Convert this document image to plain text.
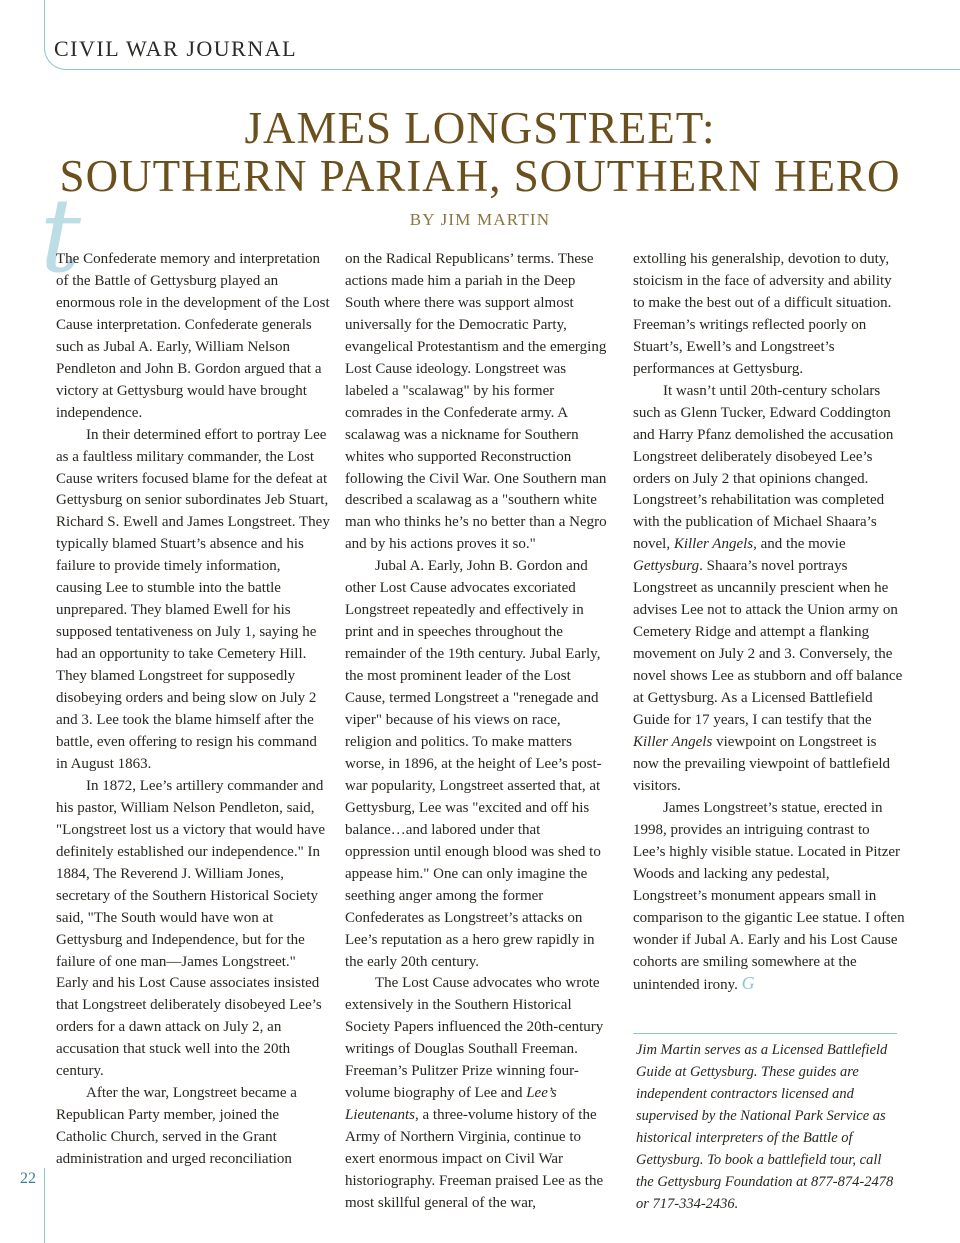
CIVIL WAR JOURNAL
JAMES LONGSTREET:
SOUTHERN PARIAH, SOUTHERN HERO
BY JIM MARTIN
t

The Confederate memory and interpretation of the Battle of Gettysburg played an enormous role in the development of the Lost Cause interpretation. Confederate generals such as Jubal A. Early, William Nelson Pendleton and John B. Gordon argued that a victory at Gettysburg would have brought independence.

In their determined effort to portray Lee as a faultless military commander, the Lost Cause writers focused blame for the defeat at Gettysburg on senior subordinates Jeb Stuart, Richard S. Ewell and James Longstreet. They typically blamed Stuart’s absence and his failure to provide timely information, causing Lee to stumble into the battle unprepared. They blamed Ewell for his supposed tentativeness on July 1, saying he had an opportunity to take Cemetery Hill. They blamed Longstreet for supposedly disobeying orders and being slow on July 2 and 3. Lee took the blame himself after the battle, even offering to resign his command in August 1863.

In 1872, Lee’s artillery commander and his pastor, William Nelson Pendleton, said, "Longstreet lost us a victory that would have definitely established our independence." In 1884, The Reverend J. William Jones, secretary of the Southern Historical Society said, "The South would have won at Gettysburg and Independence, but for the failure of one man—James Longstreet." Early and his Lost Cause associates insisted that Longstreet deliberately disobeyed Lee’s orders for a dawn attack on July 2, an accusation that stuck well into the 20th century.

After the war, Longstreet became a Republican Party member, joined the Catholic Church, served in the Grant administration and urged reconciliation

on the Radical Republicans’ terms. These actions made him a pariah in the Deep South where there was support almost universally for the Democratic Party, evangelical Protestantism and the emerging Lost Cause ideology. Longstreet was labeled a "scalawag" by his former comrades in the Confederate army. A scalawag was a nickname for Southern whites who supported Reconstruction following the Civil War. One Southern man described a scalawag as a "southern white man who thinks he’s no better than a Negro and by his actions proves it so."

Jubal A. Early, John B. Gordon and other Lost Cause advocates excoriated Longstreet repeatedly and effectively in print and in speeches throughout the remainder of the 19th century. Jubal Early, the most prominent leader of the Lost Cause, termed Longstreet a "renegade and viper" because of his views on race, religion and politics. To make matters worse, in 1896, at the height of Lee’s post-war popularity, Longstreet asserted that, at Gettysburg, Lee was "excited and off his balance…and labored under that oppression until enough blood was shed to appease him." One can only imagine the seething anger among the former Confederates as Longstreet’s attacks on Lee’s reputation as a hero grew rapidly in the early 20th century.

The Lost Cause advocates who wrote extensively in the Southern Historical Society Papers influenced the 20th-century writings of Douglas Southall Freeman. Freeman’s Pulitzer Prize winning four-volume biography of Lee and Lee’s Lieutenants, a three-volume history of the Army of Northern Virginia, continue to exert enormous impact on Civil War historiography. Freeman praised Lee as the most skillful general of the war,

extolling his generalship, devotion to duty, stoicism in the face of adversity and ability to make the best out of a difficult situation. Freeman’s writings reflected poorly on Stuart’s, Ewell’s and Longstreet’s performances at Gettysburg.

It wasn’t until 20th-century scholars such as Glenn Tucker, Edward Coddington and Harry Pfanz demolished the accusation Longstreet deliberately disobeyed Lee’s orders on July 2 that opinions changed. Longstreet’s rehabilitation was completed with the publication of Michael Shaara’s novel, Killer Angels, and the movie Gettysburg. Shaara’s novel portrays Longstreet as uncannily prescient when he advises Lee not to attack the Union army on Cemetery Ridge and attempt a flanking movement on July 2 and 3. Conversely, the novel shows Lee as stubborn and off balance at Gettysburg. As a Licensed Battlefield Guide for 17 years, I can testify that the Killer Angels viewpoint on Longstreet is now the prevailing viewpoint of battlefield visitors.

James Longstreet’s statue, erected in 1998, provides an intriguing contrast to Lee’s highly visible statue. Located in Pitzer Woods and lacking any pedestal, Longstreet’s monument appears small in comparison to the gigantic Lee statue. I often wonder if Jubal A. Early and his Lost Cause cohorts are smiling somewhere at the unintended irony. G

Jim Martin serves as a Licensed Battlefield Guide at Gettysburg. These guides are independent contractors licensed and supervised by the National Park Service as historical interpreters of the Battle of Gettysburg. To book a battlefield tour, call the Gettysburg Foundation at 877-874-2478 or 717-334-2436.
22
